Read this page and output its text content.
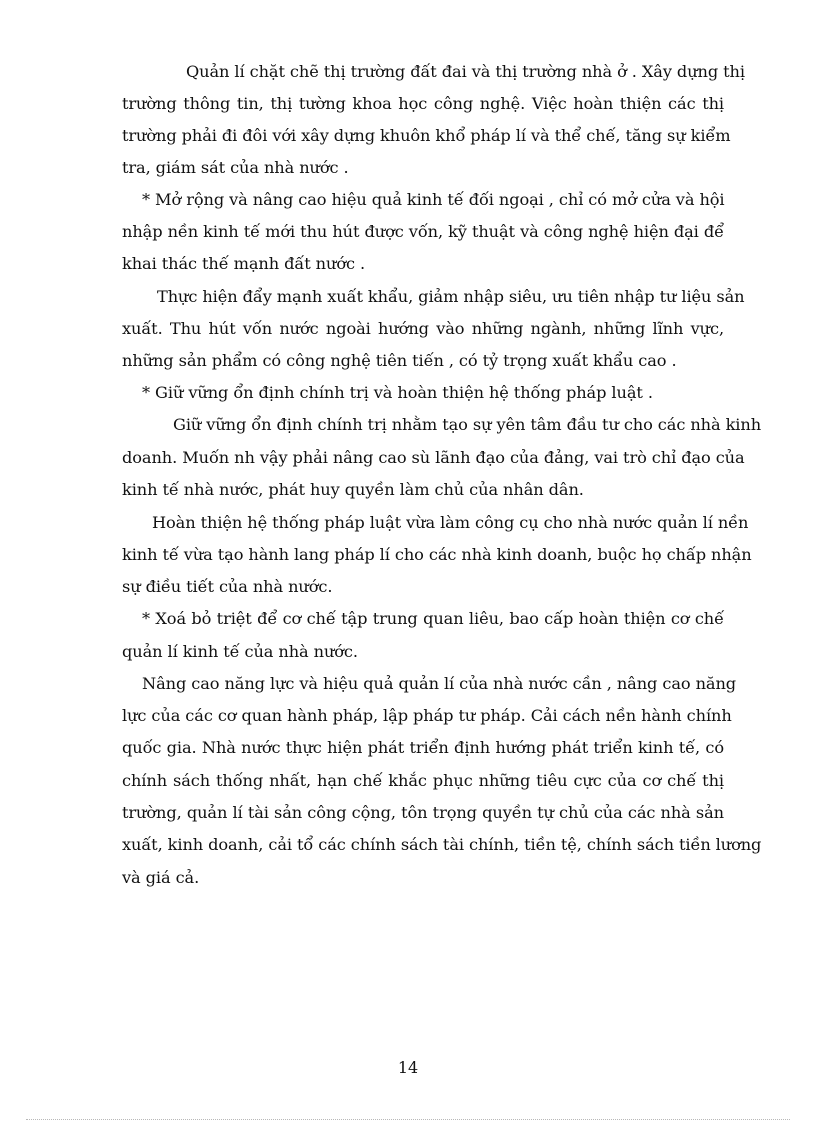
Quản lí chặt chẽ thị trường đất đai và thị trường nhà ở . Xây dựng thị
trường thông tin, thị tường khoa học công nghệ. Việc hoàn thiện các thị
trường phải đi đôi với xây dựng khuôn khổ pháp lí và thể chế, tăng sự kiểm
tra, giám sát của nhà nước .
* Mở rộng và nâng cao hiệu quả kinh tế đối ngoại , chỉ có mở cửa và hội
nhập nền kinh tế mới thu hút được vốn, kỹ thuật và công nghệ hiện đại để
khai thác thế mạnh đất nước .
Thực hiện đẩy mạnh xuất khẩu, giảm nhập siêu, ưu tiên nhập tư liệu sản
xuất. Thu hút vốn nước ngoài hướng vào những ngành, những lĩnh vực,
những sản phẩm có công nghệ tiên tiến , có tỷ trọng xuất khẩu cao .
* Giữ vững ổn định chính trị và hoàn thiện hệ thống pháp luật .
Giữ vững ổn định chính trị nhằm tạo sự yên tâm đầu tư cho các nhà kinh
doanh. Muốn nh vậy phải nâng cao sù lãnh đạo của đảng, vai trò chỉ đạo của
kinh tế nhà nước, phát huy quyền làm chủ của nhân dân.
Hoàn thiện hệ thống pháp luật vừa làm công cụ cho nhà nước quản lí nền
kinh tế vừa tạo hành lang pháp lí cho các nhà kinh doanh, buộc họ chấp nhận
sự điều tiết của nhà nước.
* Xoá bỏ triệt để cơ chế tập trung quan liêu, bao cấp hoàn thiện cơ chế
quản lí kinh tế của nhà nước.
Nâng cao năng lực và hiệu quả quản lí của nhà nước cần , nâng cao năng
lực của các cơ quan hành pháp, lập pháp tư pháp. Cải cách nền hành chính
quốc gia. Nhà nước thực hiện phát triển định hướng phát triển kinh tế, có
chính sách thống nhất, hạn chế khắc phục những tiêu cực của cơ chế thị
trường, quản lí tài sản công cộng, tôn trọng quyền tự chủ của các nhà sản
xuất, kinh doanh, cải tổ các chính sách tài chính, tiền tệ, chính sách tiền lương
và giá cả.
14
